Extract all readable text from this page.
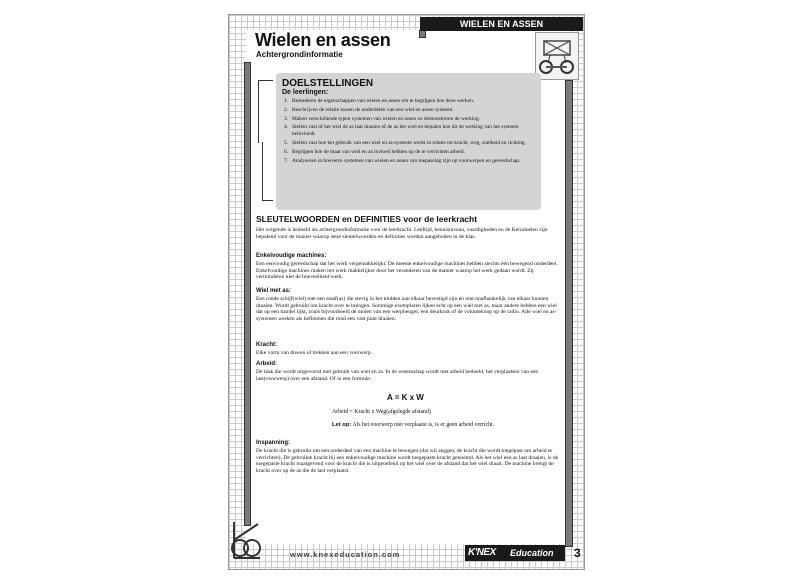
WIELEN EN ASSEN
Wielen en assen
Achtergrondinformatie
DOELSTELLINGEN
De leerlingen:
1. Bestuderen de eigenschappen van wielen en assen om te begrijpen hoe deze werken.
2. Beschrijven de relatie tussen de onderdelen van een wiel en assen systeem.
3. Maken verschillende typen systemen van wielen en assen en demonstreren de werking.
4. Stellen vast of het wiel de as laat draaien of de as het wiel en bepalen hoe dit de werking van het systeem beïnvloedt.
5. Stellen vast hoe het gebruik van een wiel en as-systeem werkt in relatie tot kracht, weg, snelheid en richting.
6. Begrijpen hoe de maat van wiel en as invloed hebben op de te verrichten arbeid.
7. Analyseren in hoeverre systemen van wielen en assen van toepassing zijn op voorwerpen en gereedschap.
SLEUTELWOORDEN en DEFINITIES voor de leerkracht
Het volgende is bedoeld als achtergrondinformatie voor de leerkracht. Leeftijd, kennisniveau, vaardigheden en de Kerndoelen zijn bepalend voor de manier waarop deze sleutelwoorden en definities worden aangeboden in de klas.
Enkelvoudige machines:
Een eenvoudig gereedschap dat het werk vergemakkelijkt. De meeste enkelvoudige machines hebben slechts één bewegend onderdeel. Enkelvoudige machines maken het werk makkelijker door het veranderen van de manier waarop het werk gedaan wordt. Zij verminderen niet de hoeveelheid werk.
Wiel met as:
Een ronde schijf(wiel) met een staaf(as) die stevig in het midden aan elkaar bevestigd zijn en niet onafhankelijk van elkaar kunnen draaien. Wordt gebruikt om kracht over te brengen. Sommige exemplaren lijken echt op een wiel met as, maar andere hebben een wiel dat op een handel lijkt, zoals bijvoorbeeld de molen van een werphengel, een deurkruk of de volumeknop op de radio. Alle wiel en as-systemen werken als hefbomen die rond een vast punt draaien.
Kracht:
Elke vorm van duwen of trekken aan een voorwerp.
Arbeid:
De taak die wordt uitgevoerd met gebruik van wiel en as. In de wetenschap wordt met arbeid bedoeld, het verplaatsen van een last(voorwerp) over een afstand. Of in een formule:
A = K x W
Arbeid = Kracht x Weg(afgelegde afstand)
Let op: Als het voorwerp niet verplaatst is, is er geen arbeid verricht.
Inspanning:
De kracht die is gebruikt om een onderdeel van een machine te bewegen (dat wil zeggen, de kracht die wordt toegepast om arbeid te verrichten). De gebruikte kracht bij een enkelvoudige machine wordt toegepaste kracht genoemd. Als het wiel een as laat draaien, is de toegepaste kracht maatgevend voor de kracht die is uitgeoefend op het wiel over de afstand dat het wiel draait. De machine brengt de kracht over op de as die de last verplaatst.
www.knexeducation.com	K'NEX Education 3
